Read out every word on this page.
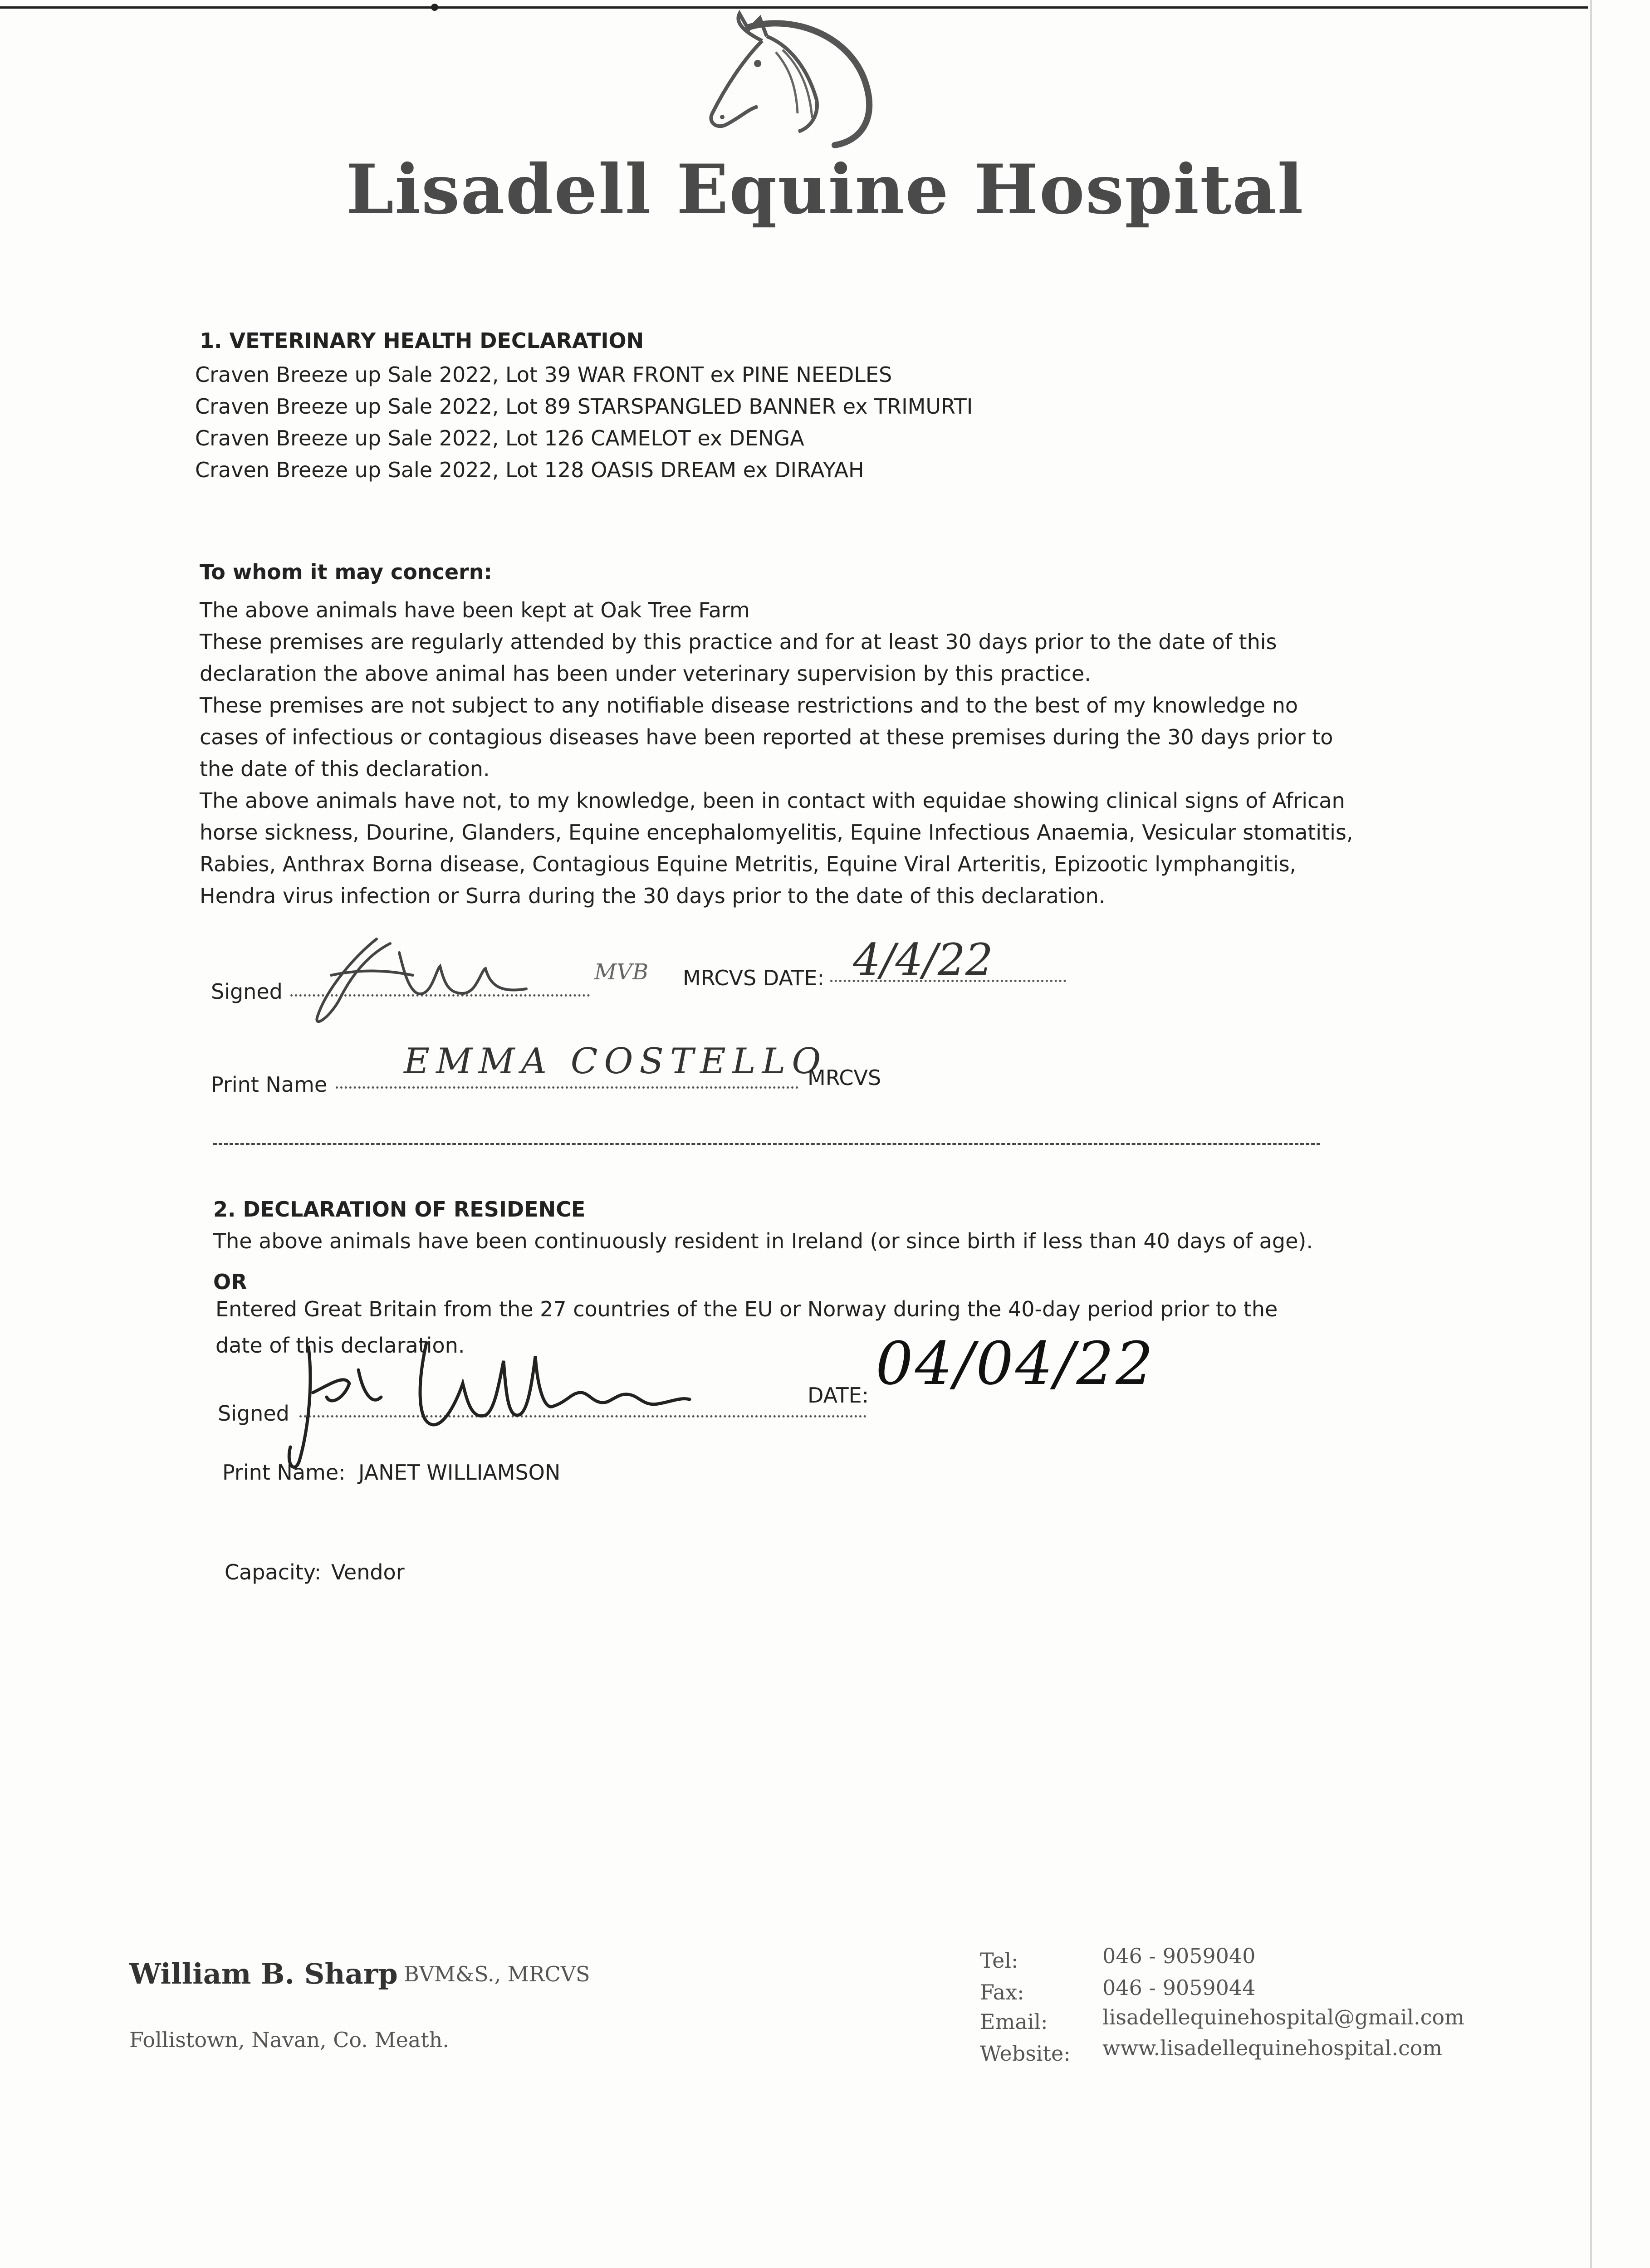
Lisadell Equine Hospital
1. VETERINARY HEALTH DECLARATION
Craven Breeze up Sale 2022, Lot 39 WAR FRONT ex PINE NEEDLES
Craven Breeze up Sale 2022, Lot 89 STARSPANGLED BANNER ex TRIMURTI
Craven Breeze up Sale 2022, Lot 126 CAMELOT ex DENGA
Craven Breeze up Sale 2022, Lot 128 OASIS DREAM ex DIRAYAH
To whom it may concern:

The above animals have been kept at Oak Tree Farm

These premises are regularly attended by this practice and for at least 30 days prior to the date of this declaration the above animal has been under veterinary supervision by this practice.

These premises are not subject to any notifiable disease restrictions and to the best of my knowledge no cases of infectious or contagious diseases have been reported at these premises during the 30 days prior to the date of this declaration.

The above animals have not, to my knowledge, been in contact with equidae showing clinical signs of African horse sickness, Dourine, Glanders, Equine encephalomyelitis, Equine Infectious Anaemia, Vesicular stomatitis, Rabies, Anthrax Borna disease, Contagious Equine Metritis, Equine Viral Arteritis, Epizootic lymphangitis, Hendra virus infection or Surra during the 30 days prior to the date of this declaration.

Signed
MVB MRCVS DATE: 4/4/22
Print Name
EMMA COSTELLO
MRCVS
2. DECLARATION OF RESIDENCE
The above animals have been continuously resident in Ireland (or since birth if less than 40 days of age).
OR
Entered Great Britain from the 27 countries of the EU or Norway during the 40-day period prior to the
date of this declaration.
Signed
DATE: 04/04/22
Print Name: JANET WILLIAMSON
Capacity: Vendor
William B. Sharp BVM&S., MRCVS
Follistown, Navan, Co. Meath.
Tel:	046 - 9059040
Fax:	046 - 9059044
Email:	lisadellequinehospital@gmail.com
Website: www.lisadellequinehospital.com
